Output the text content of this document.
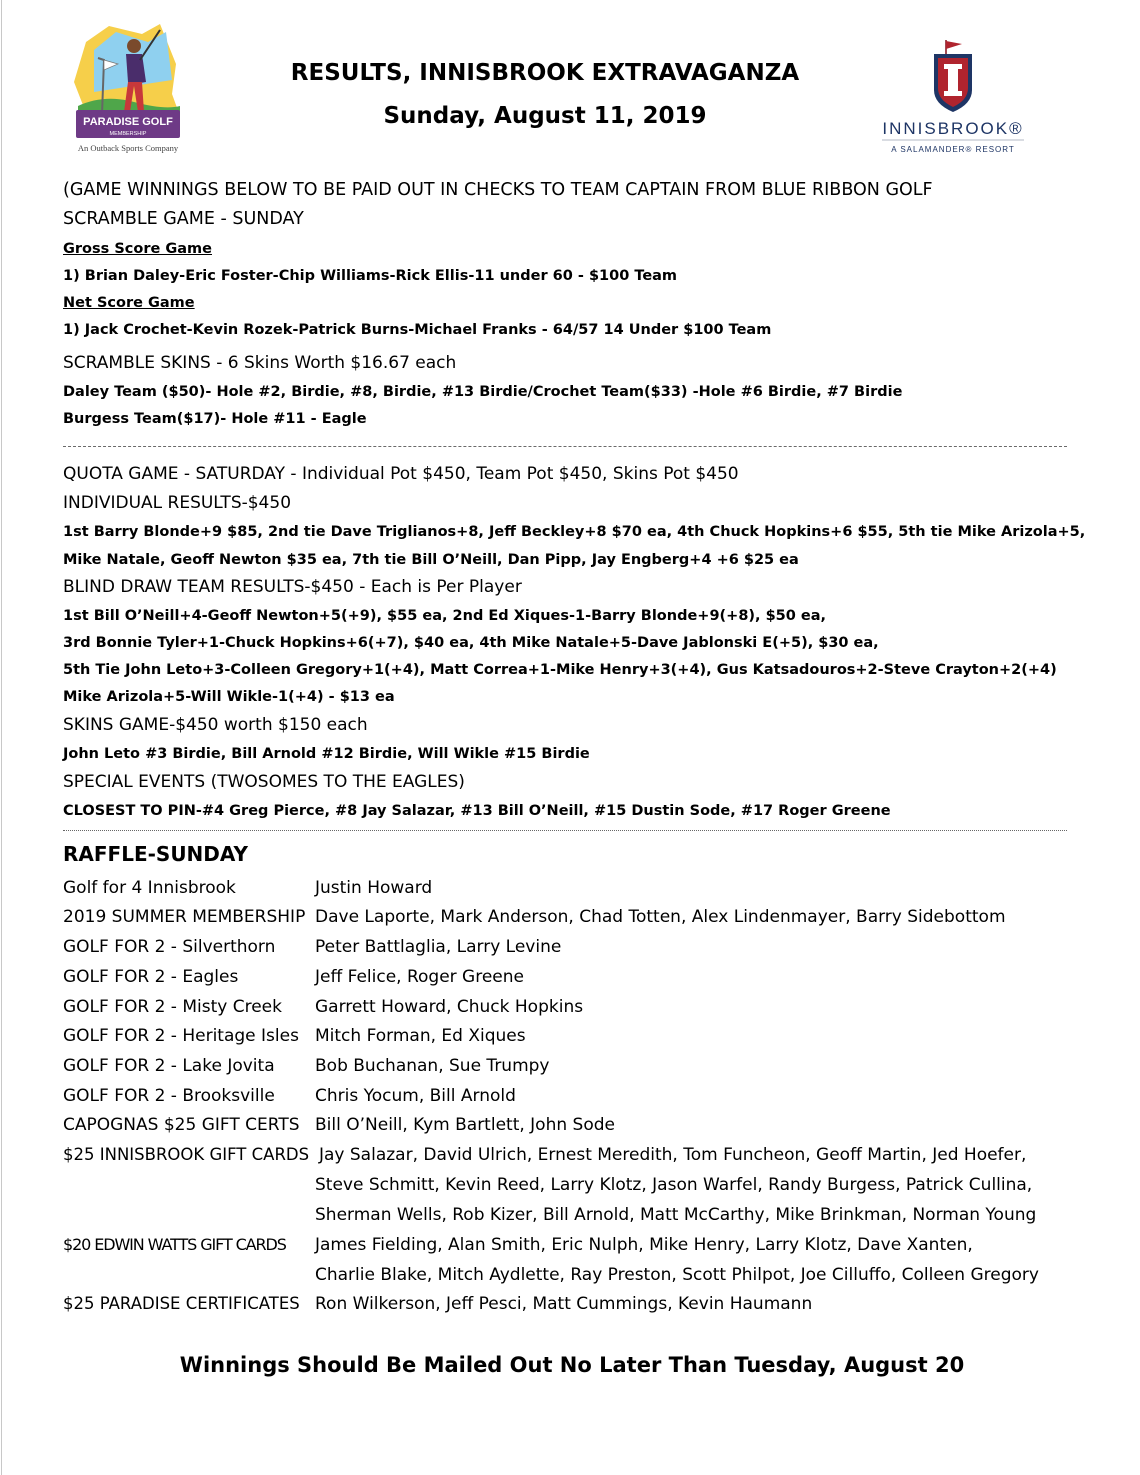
PARADISE GOLF
MEMBERSHIP
An Outback Sports Company
RESULTS, INNISBROOK EXTRAVAGANZA
Sunday, August 11, 2019	INNISBROOK®
A SALAMANDER® RESORT
(GAME WINNINGS BELOW TO BE PAID OUT IN CHECKS TO TEAM CAPTAIN FROM BLUE RIBBON GOLF
SCRAMBLE GAME - SUNDAY
Gross Score Game
1) Brian Daley-Eric Foster-Chip Williams-Rick Ellis-11 under 60 - $100 Team
Net Score Game
1) Jack Crochet-Kevin Rozek-Patrick Burns-Michael Franks - 64/57 14 Under $100 Team
SCRAMBLE SKINS - 6 Skins Worth $16.67 each
Daley Team ($50)- Hole #2, Birdie, #8, Birdie, #13 Birdie/Crochet Team($33) -Hole #6 Birdie, #7 Birdie
Burgess Team($17)- Hole #11 - Eagle
QUOTA GAME - SATURDAY - Individual Pot $450, Team Pot $450, Skins Pot $450
INDIVIDUAL RESULTS-$450
1st Barry Blonde+9 $85, 2nd tie Dave Triglianos+8, Jeff Beckley+8 $70 ea, 4th Chuck Hopkins+6 $55, 5th tie Mike Arizola+5,
Mike Natale, Geoff Newton $35 ea, 7th tie Bill O’Neill, Dan Pipp, Jay Engberg+4 +6 $25 ea
BLIND DRAW TEAM RESULTS-$450 - Each is Per Player
1st Bill O’Neill+4-Geoff Newton+5(+9), $55 ea, 2nd Ed Xiques-1-Barry Blonde+9(+8), $50 ea,
3rd Bonnie Tyler+1-Chuck Hopkins+6(+7), $40 ea, 4th Mike Natale+5-Dave Jablonski E(+5), $30 ea,
5th Tie John Leto+3-Colleen Gregory+1(+4), Matt Correa+1-Mike Henry+3(+4), Gus Katsadouros+2-Steve Crayton+2(+4)
Mike Arizola+5-Will Wikle-1(+4) - $13 ea
SKINS GAME-$450 worth $150 each
John Leto #3 Birdie, Bill Arnold #12 Birdie, Will Wikle #15 Birdie
SPECIAL EVENTS (TWOSOMES TO THE EAGLES)
CLOSEST TO PIN-#4 Greg Pierce, #8 Jay Salazar, #13 Bill O’Neill, #15 Dustin Sode, #17 Roger Greene
RAFFLE-SUNDAY
Golf for 4 Innisbrook	Justin Howard
2019 SUMMER MEMBERSHIP Dave Laporte, Mark Anderson, Chad Totten, Alex Lindenmayer, Barry Sidebottom
GOLF FOR 2 - Silverthorn Peter Battlaglia, Larry Levine
GOLF FOR 2 - Eagles	Jeff Felice, Roger Greene
GOLF FOR 2 - Misty Creek Garrett Howard, Chuck Hopkins
GOLF FOR 2 - Heritage Isles Mitch Forman, Ed Xiques
GOLF FOR 2 - Lake Jovita Bob Buchanan, Sue Trumpy
GOLF FOR 2 - Brooksville Chris Yocum, Bill Arnold
CAPOGNAS $25 GIFT CERTS Bill O’Neill, Kym Bartlett, John Sode
$25 INNISBROOK GIFT CARDS Jay Salazar, David Ulrich, Ernest Meredith, Tom Funcheon, Geoff Martin, Jed Hoefer,
Steve Schmitt, Kevin Reed, Larry Klotz, Jason Warfel, Randy Burgess, Patrick Cullina,
Sherman Wells, Rob Kizer, Bill Arnold, Matt McCarthy, Mike Brinkman, Norman Young
$20 EDWIN WATTS GIFT CARDS James Fielding, Alan Smith, Eric Nulph, Mike Henry, Larry Klotz, Dave Xanten,
Charlie Blake, Mitch Aydlette, Ray Preston, Scott Philpot, Joe Cilluffo, Colleen Gregory
$25 PARADISE CERTIFICATES Ron Wilkerson, Jeff Pesci, Matt Cummings, Kevin Haumann
Winnings Should Be Mailed Out No Later Than Tuesday, August 20
